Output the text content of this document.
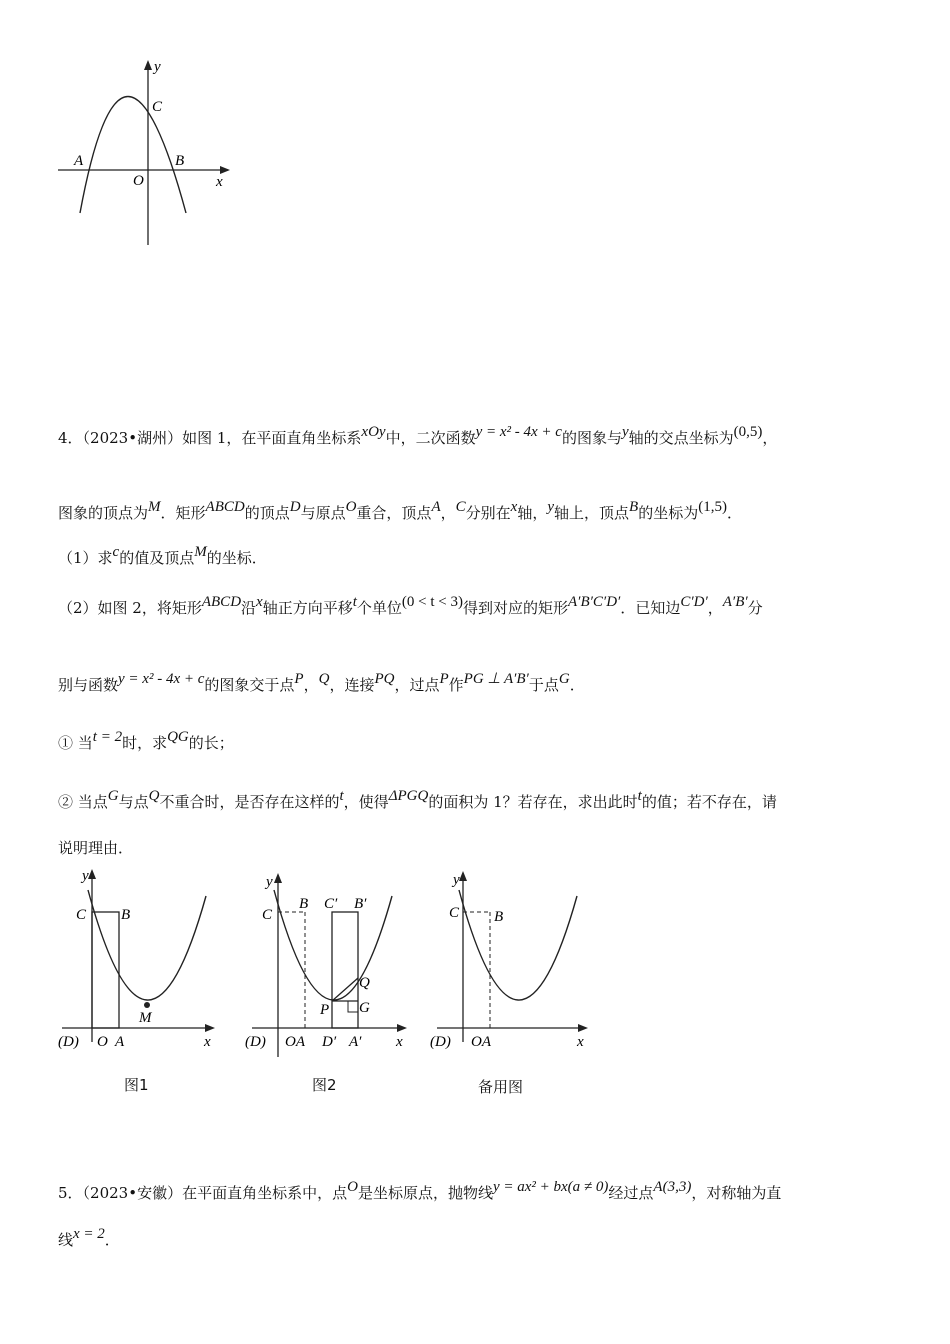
y
C
A	B
O	x
4．（2023•湖州）如图 1，在平面直角坐标系xOy中，二次函数y = x² - 4x + c的图象与y轴的交点坐标为(0,5)，
图象的顶点为M．矩形ABCD的顶点D与原点O重合，顶点A，C分别在x轴，y轴上，顶点B的坐标为(1,5)．
（1）求c的值及顶点M的坐标．
（2）如图 2，将矩形ABCD沿x轴正方向平移t个单位(0 < t < 3)得到对应的矩形A′B′C′D′．已知边C′D′，A′B′分
别与函数y = x² - 4x + c的图象交于点P，Q，连接PQ，过点P作PG ⊥ A′B′于点G．
① 当t = 2时，求QG的长；
② 当点G与点Q不重合时，是否存在这样的t，使得ΔPGQ的面积为 1？若存在，求出此时t的值；若不存在，请
说明理由．
y
C B
M
(D) O A	x
图1
y
C
B C′ B′
Q
P G
(D) OA D′ A′ x
图2
y
C B
(D) OA	x
备用图
5．（2023•安徽）在平面直角坐标系中，点O是坐标原点，抛物线y = ax² + bx(a ≠ 0)经过点A(3,3)，对称轴为直
线x = 2．
